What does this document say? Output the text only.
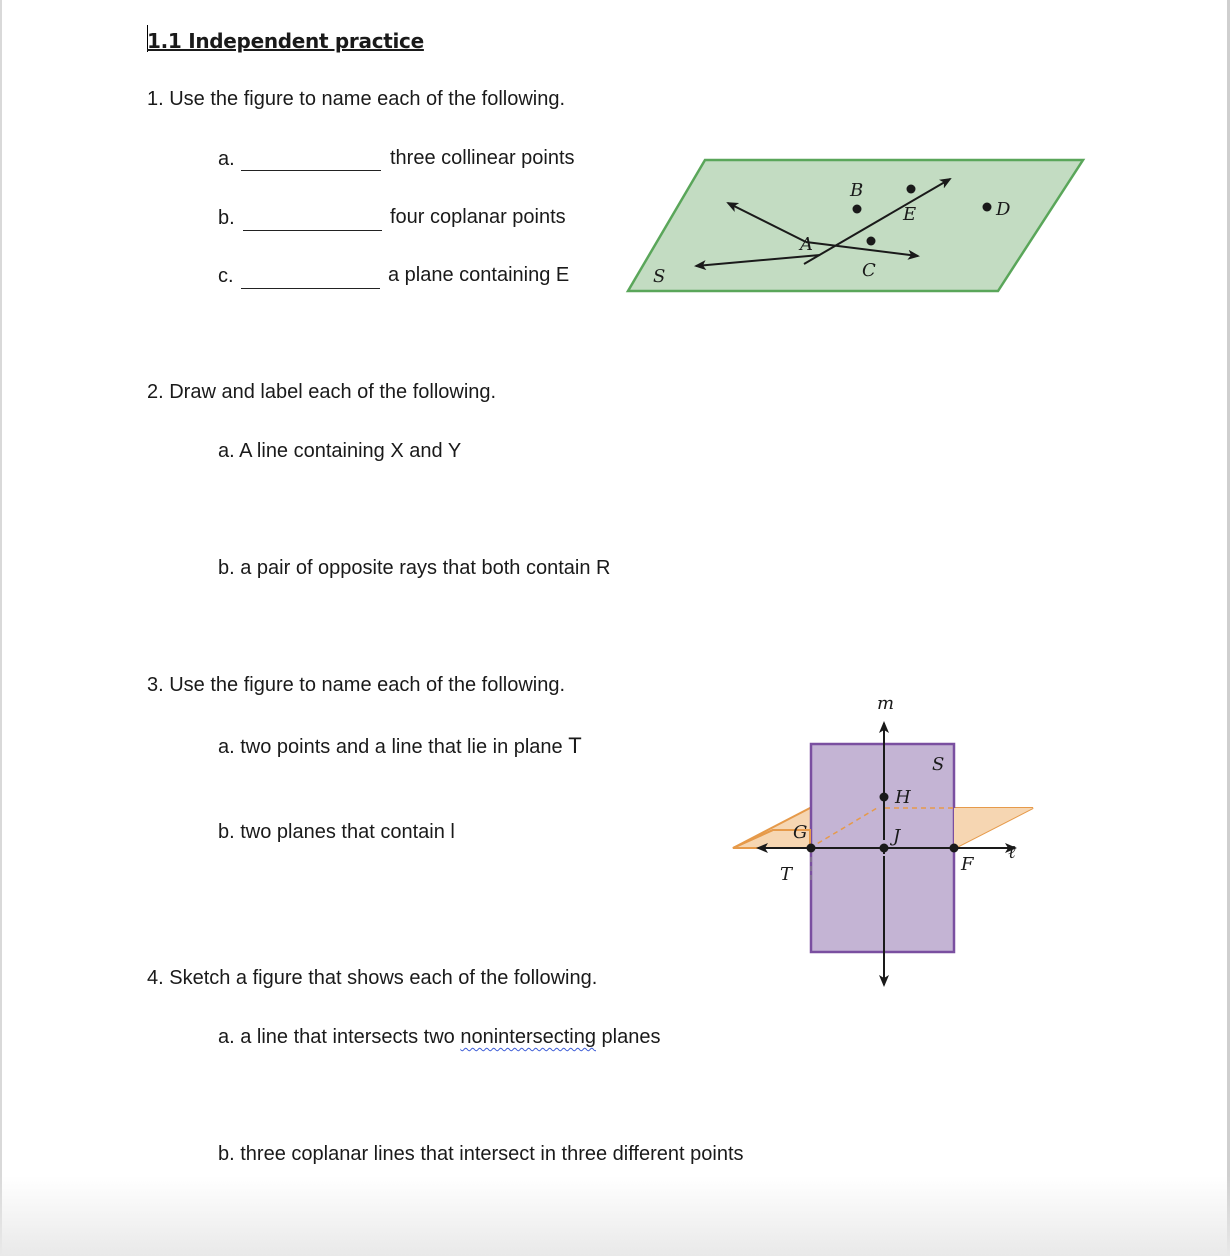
1.1 Independent practice
1. Use the figure to name each of the following.
a.	three collinear points
b.	four coplanar points
c.	a plane containing E
B
E
A
C
D
S
2. Draw and label each of the following.
a. A line containing X and Y
b. a pair of opposite rays that both contain R
3. Use the figure to name each of the following.
a. two points and a line that lie in plane T
b. two planes that contain l
m
S
H
G	J
F
ℓ
T
4. Sketch a figure that shows each of the following.
a. a line that intersects two nonintersecting planes
b. three coplanar lines that intersect in three different points
